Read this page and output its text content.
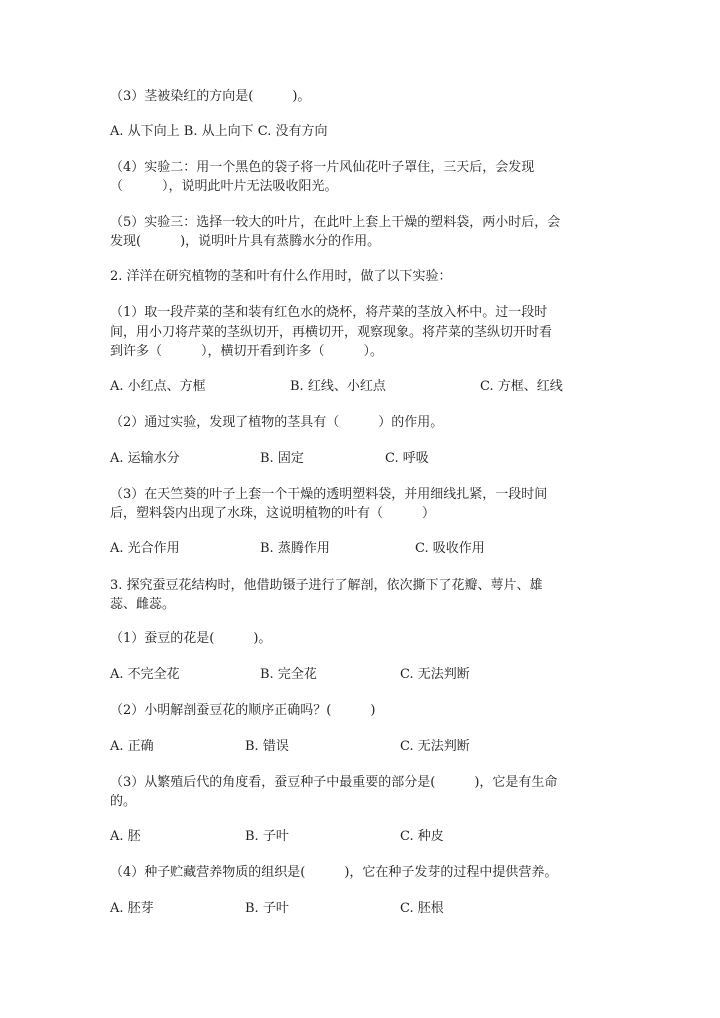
（3）茎被染红的方向是(　　　)。
A. 从下向上 B. 从上向下 C. 没有方向
（4）实验二：用一个黑色的袋子将一片风仙花叶子罩住，三天后，会发现
（　　　），说明此叶片无法吸收阳光。
（5）实验三：选择一较大的叶片，在此叶上套上干燥的塑料袋，两小时后，会
发现(　　　)，说明叶片具有蒸腾水分的作用。
2. 洋洋在研究植物的茎和叶有什么作用时，做了以下实验：
（1）取一段芹菜的茎和装有红色水的烧杯，将芹菜的茎放入杯中。过一段时
间，用小刀将芹菜的茎纵切开，再横切开，观察现象。将芹菜的茎纵切开时看
到许多（　　　），横切开看到许多（　　　）。
A. 小红点、方框	B. 红线、小红点	C. 方框、红线
（2）通过实验，发现了植物的茎具有（　　　）的作用。
A. 运输水分	B. 固定	C. 呼吸
（3）在天竺葵的叶子上套一个干燥的透明塑料袋，并用细线扎紧，一段时间
后，塑料袋内出现了水珠，这说明植物的叶有（　　　）
A. 光合作用	B. 蒸腾作用	C. 吸收作用
3. 探究蚕豆花结构时，他借助镊子进行了解剖，依次撕下了花瓣、萼片、雄
蕊、雌蕊。
（1）蚕豆的花是(　　　)。
A. 不完全花	B. 完全花	C. 无法判断
（2）小明解剖蚕豆花的顺序正确吗？(　　　)
A. 正确	B. 错误	C. 无法判断
（3）从繁殖后代的角度看，蚕豆种子中最重要的部分是(　　　)，它是有生命
的。
A. 胚	B. 子叶	C. 种皮
（4）种子贮藏营养物质的组织是(　　　)，它在种子发芽的过程中提供营养。
A. 胚芽	B. 子叶	C. 胚根
